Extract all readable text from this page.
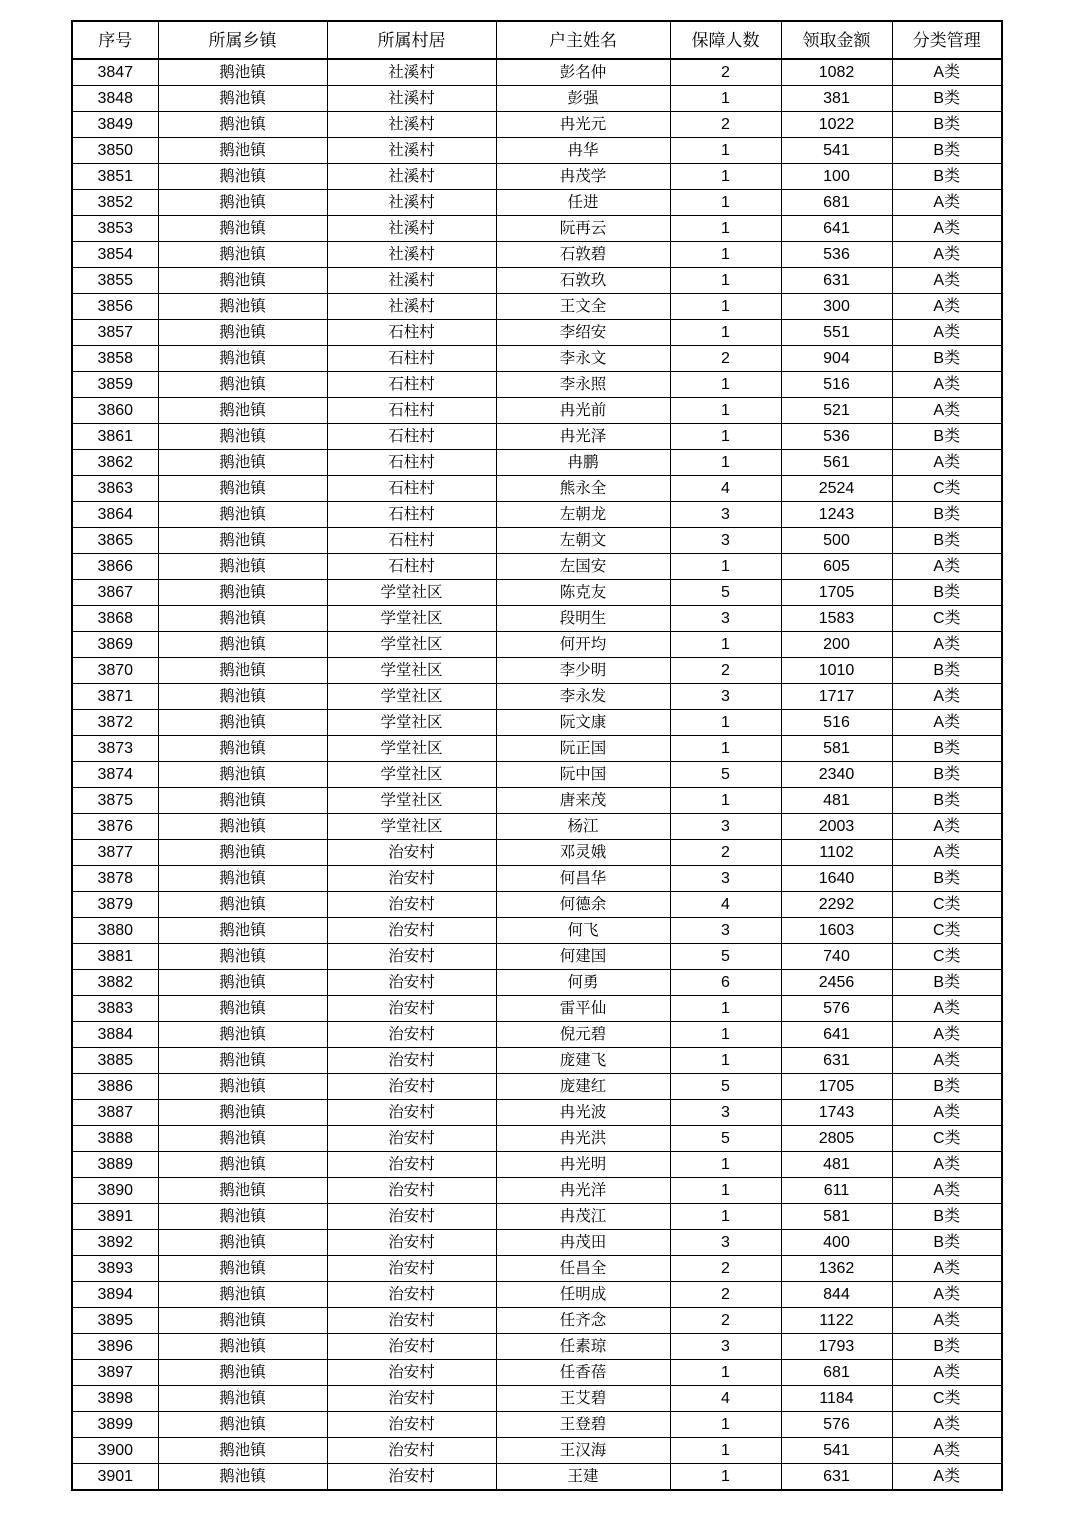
序号	所属乡镇	所属村居	户主姓名	保障人数	领取金额	分类管理
3847	鹅池镇	社溪村	彭名仲	2	1082	A类
3848	鹅池镇	社溪村	彭强	1	381	B类
3849	鹅池镇	社溪村	冉光元	2	1022	B类
3850	鹅池镇	社溪村	冉华	1	541	B类
3851	鹅池镇	社溪村	冉茂学	1	100	B类
3852	鹅池镇	社溪村	任进	1	681	A类
3853	鹅池镇	社溪村	阮再云	1	641	A类
3854	鹅池镇	社溪村	石敦碧	1	536	A类
3855	鹅池镇	社溪村	石敦玖	1	631	A类
3856	鹅池镇	社溪村	王文全	1	300	A类
3857	鹅池镇	石柱村	李绍安	1	551	A类
3858	鹅池镇	石柱村	李永文	2	904	B类
3859	鹅池镇	石柱村	李永照	1	516	A类
3860	鹅池镇	石柱村	冉光前	1	521	A类
3861	鹅池镇	石柱村	冉光泽	1	536	B类
3862	鹅池镇	石柱村	冉鹏	1	561	A类
3863	鹅池镇	石柱村	熊永全	4	2524	C类
3864	鹅池镇	石柱村	左朝龙	3	1243	B类
3865	鹅池镇	石柱村	左朝文	3	500	B类
3866	鹅池镇	石柱村	左国安	1	605	A类
3867	鹅池镇	学堂社区	陈克友	5	1705	B类
3868	鹅池镇	学堂社区	段明生	3	1583	C类
3869	鹅池镇	学堂社区	何开均	1	200	A类
3870	鹅池镇	学堂社区	李少明	2	1010	B类
3871	鹅池镇	学堂社区	李永发	3	1717	A类
3872	鹅池镇	学堂社区	阮文康	1	516	A类
3873	鹅池镇	学堂社区	阮正国	1	581	B类
3874	鹅池镇	学堂社区	阮中国	5	2340	B类
3875	鹅池镇	学堂社区	唐来茂	1	481	B类
3876	鹅池镇	学堂社区	杨江	3	2003	A类
3877	鹅池镇	治安村	邓灵娥	2	1102	A类
3878	鹅池镇	治安村	何昌华	3	1640	B类
3879	鹅池镇	治安村	何德余	4	2292	C类
3880	鹅池镇	治安村	何飞	3	1603	C类
3881	鹅池镇	治安村	何建国	5	740	C类
3882	鹅池镇	治安村	何勇	6	2456	B类
3883	鹅池镇	治安村	雷平仙	1	576	A类
3884	鹅池镇	治安村	倪元碧	1	641	A类
3885	鹅池镇	治安村	庞建飞	1	631	A类
3886	鹅池镇	治安村	庞建红	5	1705	B类
3887	鹅池镇	治安村	冉光波	3	1743	A类
3888	鹅池镇	治安村	冉光洪	5	2805	C类
3889	鹅池镇	治安村	冉光明	1	481	A类
3890	鹅池镇	治安村	冉光洋	1	611	A类
3891	鹅池镇	治安村	冉茂江	1	581	B类
3892	鹅池镇	治安村	冉茂田	3	400	B类
3893	鹅池镇	治安村	任昌全	2	1362	A类
3894	鹅池镇	治安村	任明成	2	844	A类
3895	鹅池镇	治安村	任齐念	2	1122	A类
3896	鹅池镇	治安村	任素琼	3	1793	B类
3897	鹅池镇	治安村	任香蓓	1	681	A类
3898	鹅池镇	治安村	王艾碧	4	1184	C类
3899	鹅池镇	治安村	王登碧	1	576	A类
3900	鹅池镇	治安村	王汉海	1	541	A类
3901	鹅池镇	治安村	王建	1	631	A类
